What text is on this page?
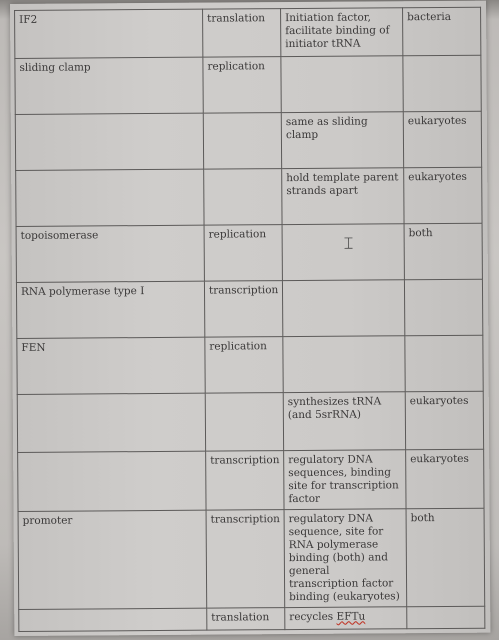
IF2	translation	Initiation factor, facilitate binding of initiator tRNA	bacteria
sliding clamp	replication		
		same as sliding clamp	eukaryotes
		hold template parent strands apart	eukaryotes
topoisomerase	replication		both
RNA polymerase type I	transcription		
FEN	replication		
		synthesizes tRNA (and 5srRNA)	eukaryotes
	transcription	regulatory DNA sequences, binding site for transcription factor	eukaryotes
promoter	transcription	regulatory DNA sequence, site for RNA polymerase binding (both) and general transcription factor binding (eukaryotes)	both
	translation	recycles EFTu	
⌶
